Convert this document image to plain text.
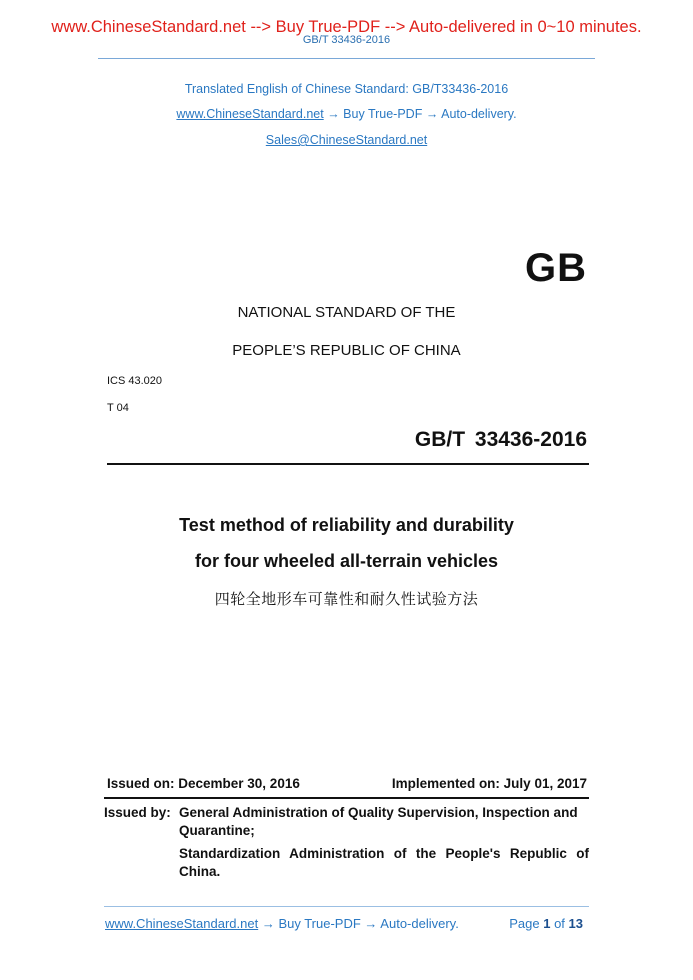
www.ChineseStandard.net --> Buy True-PDF --> Auto-delivered in 0~10 minutes.
GB/T 33436-2016
Translated English of Chinese Standard: GB/T33436-2016
www.ChineseStandard.net → Buy True-PDF → Auto-delivery.
Sales@ChineseStandard.net
GB
NATIONAL STANDARD OF THE
PEOPLE’S REPUBLIC OF CHINA
ICS 43.020
T 04
GB/T 33436-2016
Test method of reliability and durability
for four wheeled all-terrain vehicles
四轮全地形车可靠性和耐久性试验方法
Issued on: December 30, 2016	Implemented on: July 01, 2017
Issued by: General Administration of Quality Supervision, Inspection and
Quarantine;
Standardization Administration of the People's Republic of
China.
www.ChineseStandard.net → Buy True-PDF → Auto-delivery.	Page 1 of 13
